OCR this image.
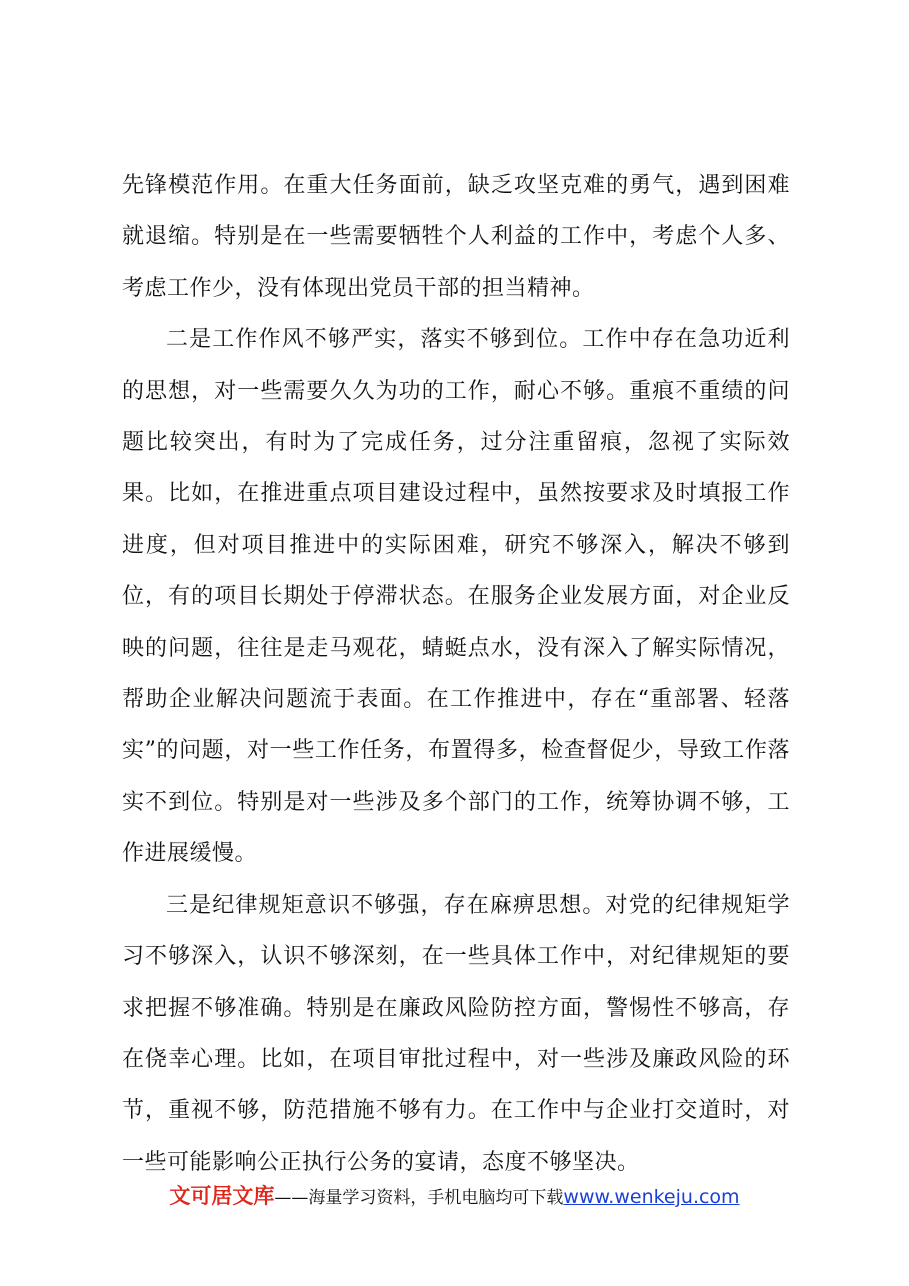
先锋模范作用。在重大任务面前，缺乏攻坚克难的勇气，遇到困难就退缩。特别是在一些需要牺牲个人利益的工作中，考虑个人多、考虑工作少，没有体现出党员干部的担当精神。

二是工作作风不够严实，落实不够到位。工作中存在急功近利的思想，对一些需要久久为功的工作，耐心不够。重痕不重绩的问题比较突出，有时为了完成任务，过分注重留痕，忽视了实际效果。比如，在推进重点项目建设过程中，虽然按要求及时填报工作进度，但对项目推进中的实际困难，研究不够深入，解决不够到位，有的项目长期处于停滞状态。在服务企业发展方面，对企业反映的问题，往往是走马观花，蜻蜓点水，没有深入了解实际情况，帮助企业解决问题流于表面。在工作推进中，存在“重部署、轻落实”的问题，对一些工作任务，布置得多，检查督促少，导致工作落实不到位。特别是对一些涉及多个部门的工作，统筹协调不够，工作进展缓慢。

三是纪律规矩意识不够强，存在麻痹思想。对党的纪律规矩学习不够深入，认识不够深刻，在一些具体工作中，对纪律规矩的要求把握不够准确。特别是在廉政风险防控方面，警惕性不够高，存在侥幸心理。比如，在项目审批过程中，对一些涉及廉政风险的环节，重视不够，防范措施不够有力。在工作中与企业打交道时，对一些可能影响公正执行公务的宴请，态度不够坚决。

文可居文库——海量学习资料，手机电脑均可下载www.wenkeju.com
